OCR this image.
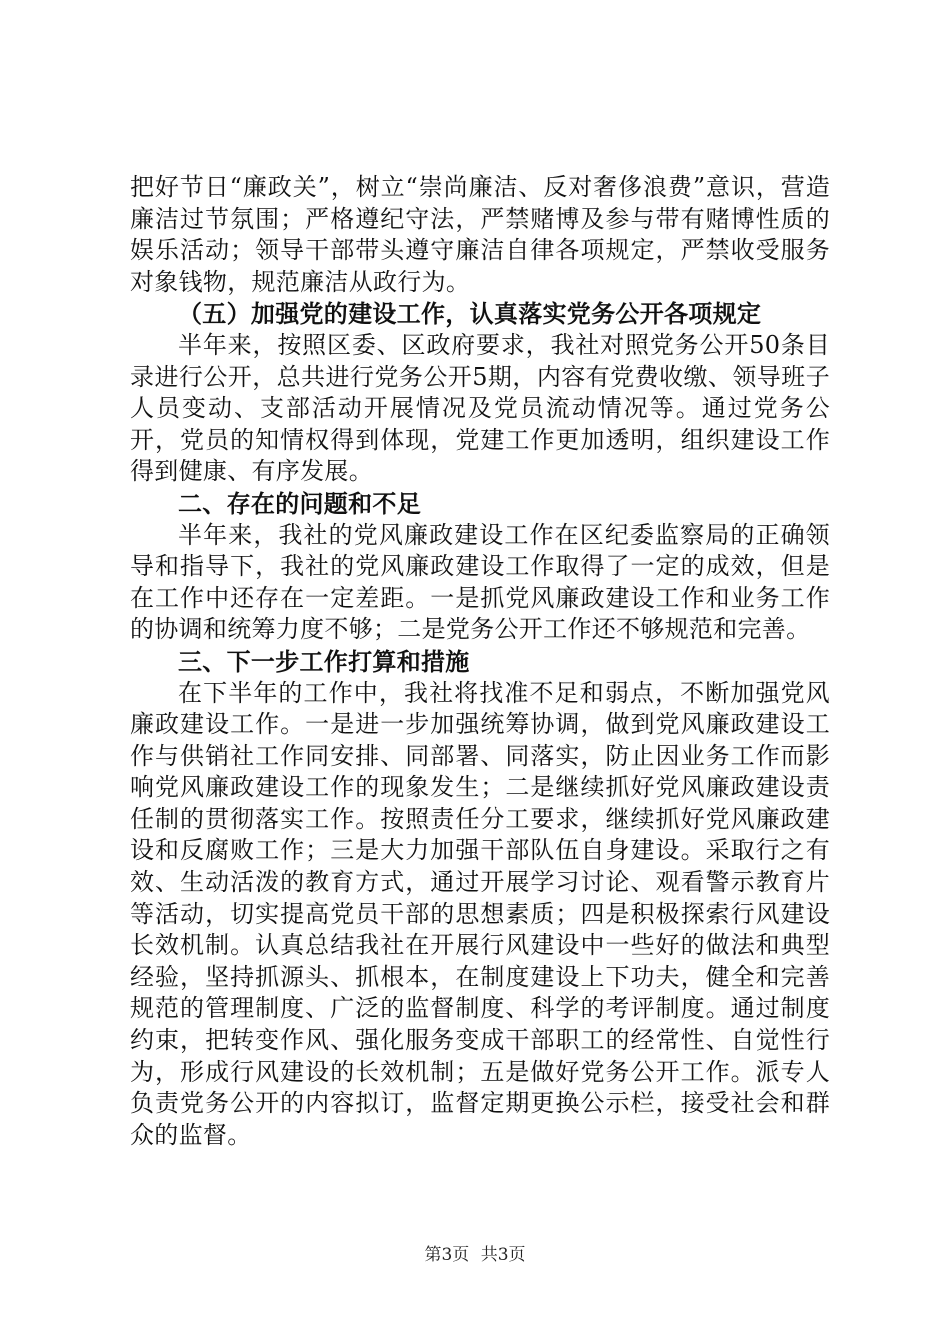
把好节日“廉政关”，树立“崇尚廉洁、反对奢侈浪费”意识，营造廉洁过节氛围；严格遵纪守法，严禁赌博及参与带有赌博性质的娱乐活动；领导干部带头遵守廉洁自律各项规定，严禁收受服务对象钱物，规范廉洁从政行为。

（五）加强党的建设工作，认真落实党务公开各项规定

半年来，按照区委、区政府要求，我社对照党务公开50条目录进行公开，总共进行党务公开5期，内容有党费收缴、领导班子人员变动、支部活动开展情况及党员流动情况等。通过党务公开，党员的知情权得到体现，党建工作更加透明，组织建设工作得到健康、有序发展。

二、存在的问题和不足

半年来，我社的党风廉政建设工作在区纪委监察局的正确领导和指导下，我社的党风廉政建设工作取得了一定的成效，但是在工作中还存在一定差距。一是抓党风廉政建设工作和业务工作的协调和统筹力度不够；二是党务公开工作还不够规范和完善。

三、下一步工作打算和措施

在下半年的工作中，我社将找准不足和弱点，不断加强党风廉政建设工作。一是进一步加强统筹协调，做到党风廉政建设工作与供销社工作同安排、同部署、同落实，防止因业务工作而影响党风廉政建设工作的现象发生；二是继续抓好党风廉政建设责任制的贯彻落实工作。按照责任分工要求，继续抓好党风廉政建设和反腐败工作；三是大力加强干部队伍自身建设。采取行之有效、生动活泼的教育方式，通过开展学习讨论、观看警示教育片等活动，切实提高党员干部的思想素质；四是积极探索行风建设长效机制。认真总结我社在开展行风建设中一些好的做法和典型经验，坚持抓源头、抓根本，在制度建设上下功夫，健全和完善规范的管理制度、广泛的监督制度、科学的考评制度。通过制度约束，把转变作风、强化服务变成干部职工的经常性、自觉性行为，形成行风建设的长效机制；五是做好党务公开工作。派专人负责党务公开的内容拟订，监督定期更换公示栏，接受社会和群众的监督。

第3页 共3页
